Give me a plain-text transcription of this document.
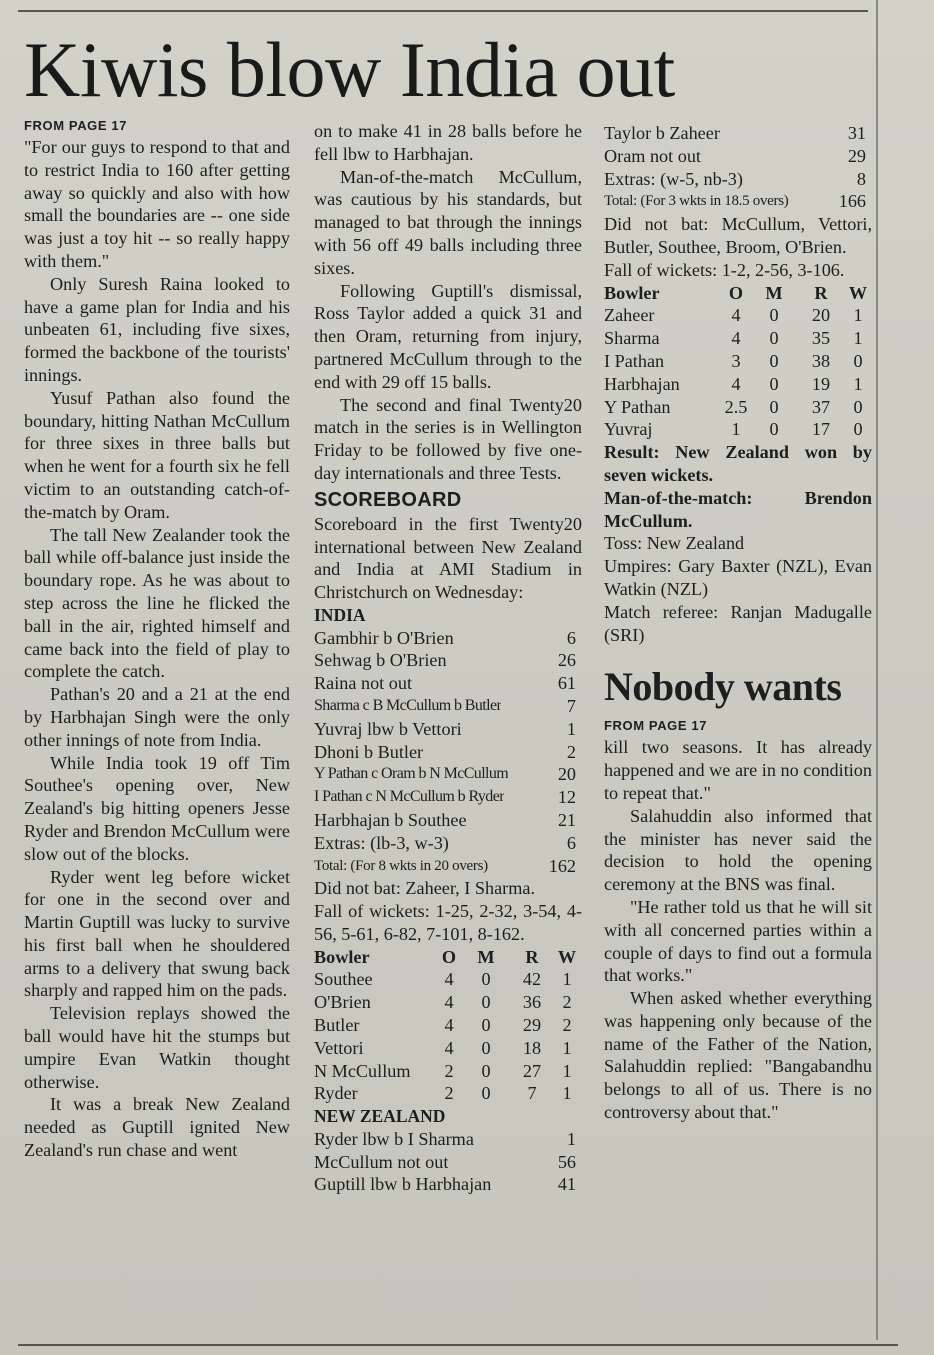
Kiwis blow India out
FROM PAGE 17

"For our guys to respond to that and to restrict India to 160 after getting away so quickly and also with how small the boundaries are -- one side was just a toy hit -- so really happy with them."

Only Suresh Raina looked to have a game plan for India and his unbeaten 61, including five sixes, formed the backbone of the tourists' innings.

Yusuf Pathan also found the boundary, hitting Nathan McCullum for three sixes in three balls but when he went for a fourth six he fell victim to an outstanding catch-of-the-match by Oram.

The tall New Zealander took the ball while off-balance just inside the boundary rope. As he was about to step across the line he flicked the ball in the air, righted himself and came back into the field of play to complete the catch.

Pathan's 20 and a 21 at the end by Harbhajan Singh were the only other innings of note from India.

While India took 19 off Tim Southee's opening over, New Zealand's big hitting openers Jesse Ryder and Brendon McCullum were slow out of the blocks.

Ryder went leg before wicket for one in the second over and Martin Guptill was lucky to survive his first ball when he shouldered arms to a delivery that swung back sharply and rapped him on the pads.

Television replays showed the ball would have hit the stumps but umpire Evan Watkin thought otherwise.

It was a break New Zealand needed as Guptill ignited New Zealand's run chase and went

on to make 41 in 28 balls before he fell lbw to Harbhajan.

Man-of-the-match McCullum, was cautious by his standards, but managed to bat through the innings with 56 off 49 balls including three sixes.

Following Guptill's dismissal, Ross Taylor added a quick 31 and then Oram, returning from injury, partnered McCullum through to the end with 29 off 15 balls.

The second and final Twenty20 match in the series is in Wellington Friday to be followed by five one-day internationals and three Tests.

SCOREBOARD

Scoreboard in the first Twenty20 international between New Zealand and India at AMI Stadium in Christchurch on Wednesday:

INDIA
Gambhir b O'Brien	6
Sehwag b O'Brien	26
Raina not out	61
Sharma c B McCullum b Butler	7
Yuvraj lbw b Vettori	1
Dhoni b Butler	2
Y Pathan c Oram b N McCullum	20
I Pathan c N McCullum b Ryder	12
Harbhajan b Southee	21
Extras: (lb-3, w-3)	6
Total: (For 8 wkts in 20 overs)	162

Did not bat: Zaheer, I Sharma.

Fall of wickets: 1-25, 2-32, 3-54, 4-56, 5-61, 6-82, 7-101, 8-162.

Bowler	O	M	R	W
Southee	4	0	42	1
O'Brien	4	0	36	2
Butler	4	0	29	2
Vettori	4	0	18	1
N McCullum	2	0	27	1
Ryder	2	0	7	1
NEW ZEALAND
Ryder lbw b I Sharma	1
McCullum not out	56
Guptill lbw b Harbhajan	41
Taylor b Zaheer	31
Oram not out	29
Extras: (w-5, nb-3)	8
Total: (For 3 wkts in 18.5 overs)	166

Did not bat: McCullum, Vettori, Butler, Southee, Broom, O'Brien.

Fall of wickets: 1-2, 2-56, 3-106.

Bowler	O	M	R	W
Zaheer	4	0	20	1
Sharma	4	0	35	1
I Pathan	3	0	38	0
Harbhajan	4	0	19	1
Y Pathan	2.5	0	37	0
Yuvraj	1	0	17	0

Result: New Zealand won by seven wickets.

Man-of-the-match: Brendon McCullum.

Toss: New Zealand

Umpires: Gary Baxter (NZL), Evan Watkin (NZL)

Match referee: Ranjan Madugalle (SRI)

Nobody wants
FROM PAGE 17

kill two seasons. It has already happened and we are in no condition to repeat that."

Salahuddin also informed that the minister has never said the decision to hold the opening ceremony at the BNS was final.

"He rather told us that he will sit with all concerned parties within a couple of days to find out a formula that works."

When asked whether everything was happening only because of the name of the Father of the Nation, Salahuddin replied: "Bangabandhu belongs to all of us. There is no controversy about that."
